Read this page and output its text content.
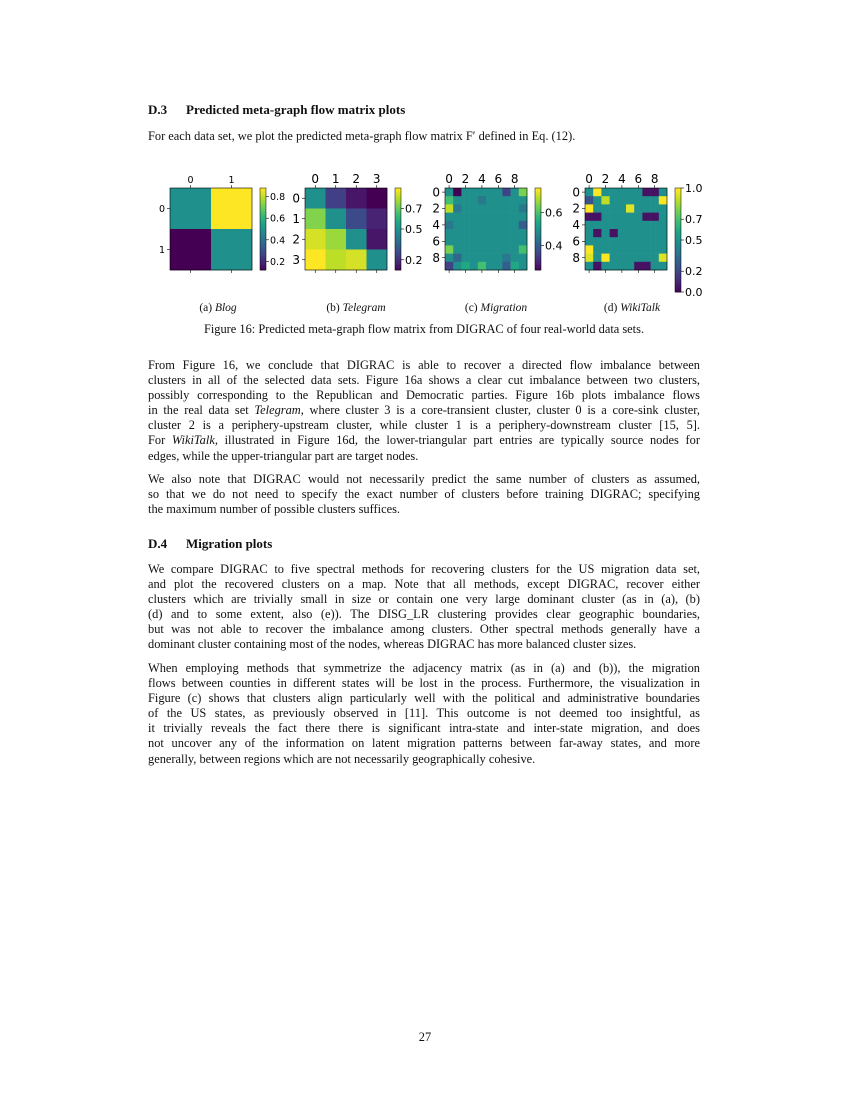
D.3 Predicted meta-graph flow matrix plots

For each data set, we plot the predicted meta-graph flow matrix F′ defined in Eq. (12).

0	1
0
1
0.8
0.6
0.4
0.2
0 1 2 3
0
1
2
3
0.7
0.5
0.2
0 2 4 6 8
0
2
4
6
8
0.6
0.4
0 2 4 6 8
0
2
4
6
8
1.0
0.7
0.5
0.2
0.0
(a) Blog	(b) Telegram	(c) Migration	(d) WikiTalk
Figure 16: Predicted meta-graph flow matrix from DIGRAC of four real-world data sets.

From Figure 16, we conclude that DIGRAC is able to recover a directed flow imbalance between
clusters in all of the selected data sets. Figure 16a shows a clear cut imbalance between two clusters,
possibly corresponding to the Republican and Democratic parties. Figure 16b plots imbalance flows
in the real data set Telegram, where cluster 3 is a core-transient cluster, cluster 0 is a core-sink cluster,
cluster 2 is a periphery-upstream cluster, while cluster 1 is a periphery-downstream cluster [15, 5].
For WikiTalk, illustrated in Figure 16d, the lower-triangular part entries are typically source nodes for
edges, while the upper-triangular part are target nodes.

We also note that DIGRAC would not necessarily predict the same number of clusters as assumed,
so that we do not need to specify the exact number of clusters before training DIGRAC; specifying
the maximum number of possible clusters suffices.

D.4 Migration plots

We compare DIGRAC to five spectral methods for recovering clusters for the US migration data set,
and plot the recovered clusters on a map. Note that all methods, except DIGRAC, recover either
clusters which are trivially small in size or contain one very large dominant cluster (as in (a), (b)
(d) and to some extent, also (e)). The DISG_LR clustering provides clear geographic boundaries,
but was not able to recover the imbalance among clusters. Other spectral methods generally have a
dominant cluster containing most of the nodes, whereas DIGRAC has more balanced cluster sizes.

When employing methods that symmetrize the adjacency matrix (as in (a) and (b)), the migration
flows between counties in different states will be lost in the process. Furthermore, the visualization in
Figure (c) shows that clusters align particularly well with the political and administrative boundaries
of the US states, as previously observed in [11]. This outcome is not deemed too insightful, as
it trivially reveals the fact there there is significant intra-state and inter-state migration, and does
not uncover any of the information on latent migration patterns between far-away states, and more
generally, between regions which are not necessarily geographically cohesive.

27
